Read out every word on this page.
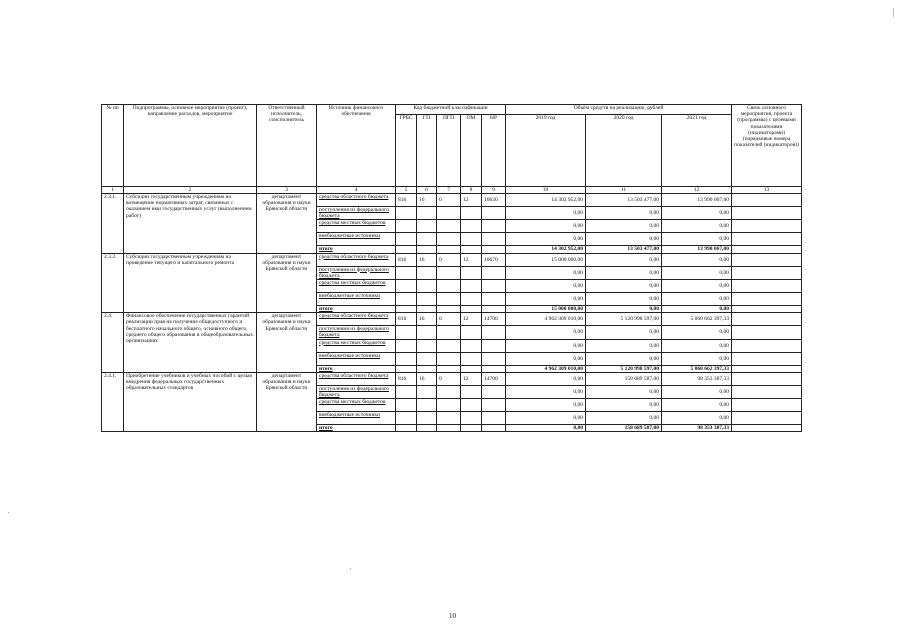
№ пп	Подпрограммы, основное мероприятие (проект), направление расходов, мероприятие	Ответственный исполнитель, соисполнитель	Источник финансового обеспечения	Код бюджетной классификации					Объём средств на реализацию, рублей			Связь основного мероприятия, проекта (программы) с целевыми показателями (индикаторами) (порядковые номера показателей (индикаторов))
				ГРБС	ГП	ПГП	ОМ	НР	2019 год	2020 год	2021 год	
1	2	3	4	5	6	7	8	9	10	11	12	13
2.3.1.	Субсидии государственным учреждениям на возмещение нормативных затрат, связанных с оказанием ими государственных услуг (выполнением работ)	департамент образования и науки Брянской области	средства областного бюджета	816	16	0	12	10630	14 302 952,00	13 503 477,00	13 990 067,00	
			поступления из федерального бюджета						0,00	0,00	0,00	
			средства местных бюджетов						0,00	0,00	0,00	
			внебюджетные источники						0,00	0,00	0,00	
			итого						14 302 952,00	13 503 477,00	13 990 067,00	
2.3.2.	Субсидии государственным учреждениям на проведение текущего и капитального ремонта	департамент образования и науки Брянской области	средства областного бюджета	816	16	0	12	10670	15 000 000,00	0,00	0,00	
			поступления из федерального бюджета						0,00	0,00	0,00	
			средства местных бюджетов						0,00	0,00	0,00	
			внебюджетные источники						0,00	0,00	0,00	
			итого						15 000 000,00	0,00	0,00	
2.4.	Финансовое обеспечение государственных гарантий реализации прав на получение общедоступного и бесплатного начального общего, основного общего, среднего общего образования в общеобразовательных организациях	департамент образования и науки Брянской области	средства областного бюджета	816	16	0	12	14700	4 962 309 010,00	5 120 998 597,00	5 060 662 397,33	
			поступления из федерального бюджета						0,00	0,00	0,00	
			средства местных бюджетов						0,00	0,00	0,00	
			внебюджетные источники						0,00	0,00	0,00	
			итого						4 962 309 010,00	5 120 998 597,00	5 060 662 397,33	
2.4.1.	Приобретение учебников и учебных пособий с целью внедрения федеральных государственных образовательных стандартов	департамент образования и науки Брянской области	средства областного бюджета	816	16	0	12	14700	0,00	158 689 587,00	98 353 387,33	
			поступления из федерального бюджета						0,00	0,00	0,00	
			средства местных бюджетов						0,00	0,00	0,00	
			внебюджетные источники						0,00	0,00	0,00	
			итого						0,00	158 689 587,00	98 353 387,33	
10
